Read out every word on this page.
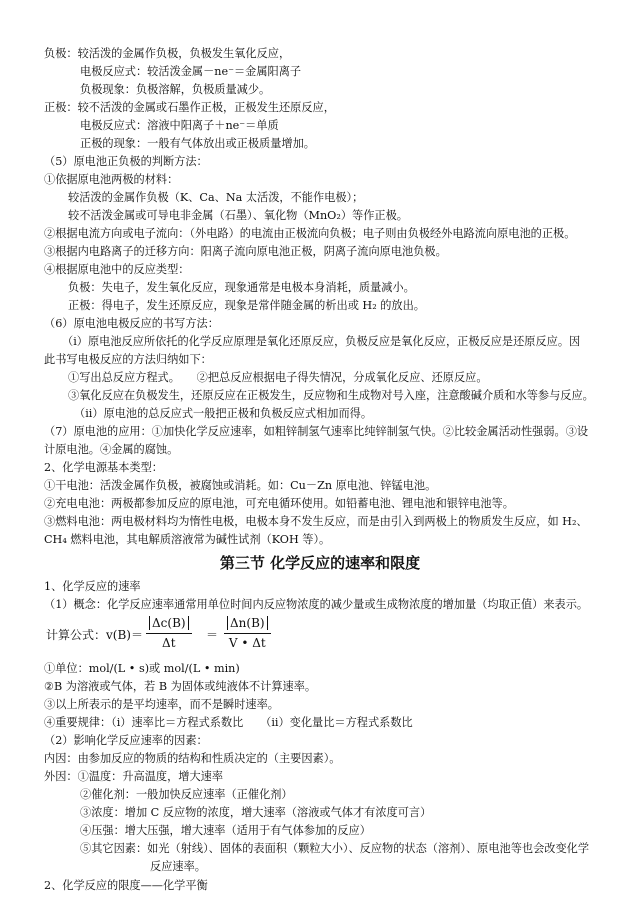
负极：较活泼的金属作负极，负极发生氧化反应，
电极反应式：较活泼金属－ne⁻＝金属阳离子
负极现象：负极溶解，负极质量减少。
正极：较不活泼的金属或石墨作正极，正极发生还原反应，
电极反应式：溶液中阳离子＋ne⁻＝单质
正极的现象：一般有气体放出或正极质量增加。
（5）原电池正负极的判断方法：
①依据原电池两极的材料：
较活泼的金属作负极（K、Ca、Na 太活泼，不能作电极）；
较不活泼金属或可导电非金属（石墨）、氧化物（MnO₂）等作正极。
②根据电流方向或电子流向：（外电路）的电流由正极流向负极；电子则由负极经外电路流向原电池的正极。
③根据内电路离子的迁移方向：阳离子流向原电池正极，阴离子流向原电池负极。
④根据原电池中的反应类型：
负极：失电子，发生氧化反应，现象通常是电极本身消耗，质量减小。
正极：得电子，发生还原反应，现象是常伴随金属的析出或 H₂ 的放出。
（6）原电池电极反应的书写方法：
（i）原电池反应所依托的化学反应原理是氧化还原反应，负极反应是氧化反应，正极反应是还原反应。因
此书写电极反应的方法归纳如下：
①写出总反应方程式。　　②把总反应根据电子得失情况，分成氧化反应、还原反应。
③氧化反应在负极发生，还原反应在正极发生，反应物和生成物对号入座，注意酸碱介质和水等参与反应。
（ii）原电池的总反应式一般把正极和负极反应式相加而得。
（7）原电池的应用：①加快化学反应速率，如粗锌制氢气速率比纯锌制氢气快。②比较金属活动性强弱。③设
计原电池。④金属的腐蚀。
2、化学电源基本类型：
①干电池：活泼金属作负极，被腐蚀或消耗。如：Cu－Zn 原电池、锌锰电池。
②充电电池：两极都参加反应的原电池，可充电循环使用。如铅蓄电池、锂电池和银锌电池等。
③燃料电池：两电极材料均为惰性电极，电极本身不发生反应，而是由引入到两极上的物质发生反应，如 H₂、
CH₄ 燃料电池，其电解质溶液常为碱性试剂（KOH 等）。
第三节 化学反应的速率和限度
1、化学反应的速率
（1）概念：化学反应速率通常用单位时间内反应物浓度的减少量或生成物浓度的增加量（均取正值）来表示。
计算公式：$v(B)= \frac{\Delta c(B)}{\Delta t} = \frac{\Delta n(B)}{V • \Delta t}$
①单位：mol/(L • s)或 mol/(L • min)
②B 为溶液或气体，若 B 为固体或纯液体不计算速率。
③以上所表示的是平均速率，而不是瞬时速率。
④重要规律：（i）速率比＝方程式系数比　　（ii）变化量比＝方程式系数比
（2）影响化学反应速率的因素：
内因：由参加反应的物质的结构和性质决定的（主要因素）。
外因：①温度：升高温度，增大速率
②催化剂：一般加快反应速率（正催化剂）
③浓度：增加 C 反应物的浓度，增大速率（溶液或气体才有浓度可言）
④压强：增大压强，增大速率（适用于有气体参加的反应）
⑤其它因素：如光（射线）、固体的表面积（颗粒大小）、反应物的状态（溶剂）、原电池等也会改变化学
反应速率。
2、化学反应的限度——化学平衡
